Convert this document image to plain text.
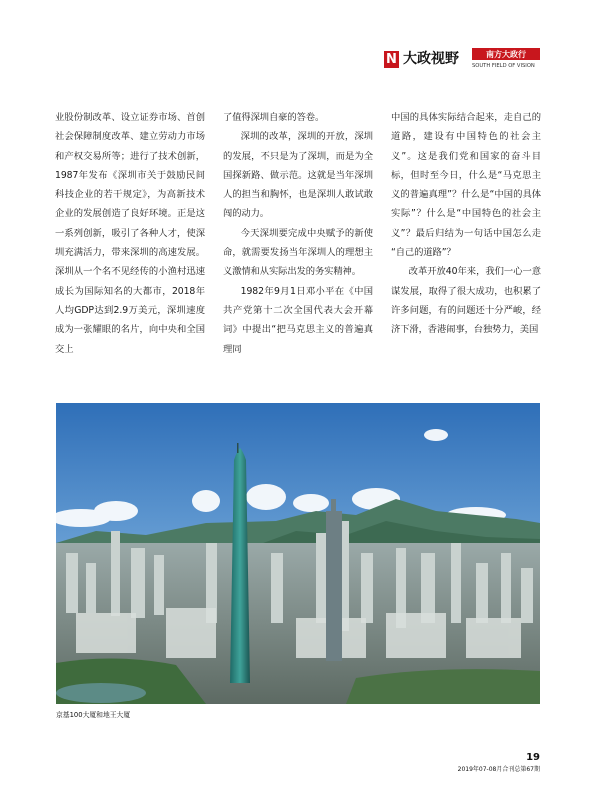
N 大政视野	南方大政行
SOUTH FIELD OF VISION

业股份制改革、设立证券市场、首创社会保障制度改革、建立劳动力市场和产权交易所等；进行了技术创新，1987年发布《深圳市关于鼓励民间科技企业的若干规定》，为高新技术企业的发展创造了良好环境。正是这一系列创新，吸引了各种人才，使深圳充满活力，带来深圳的高速发展。深圳从一个名不见经传的小渔村迅速成长为国际知名的大都市，2018年人均GDP达到2.9万美元，深圳速度成为一张耀眼的名片，向中央和全国交上

了值得深圳自豪的答卷。

深圳的改革，深圳的开放，深圳的发展，不只是为了深圳，而是为全国探新路、做示范。这就是当年深圳人的担当和胸怀，也是深圳人敢试敢闯的动力。

今天深圳要完成中央赋予的新使命，就需要发扬当年深圳人的理想主义激情和从实际出发的务实精神。

1982年9月1日邓小平在《中国共产党第十二次全国代表大会开幕词》中提出“把马克思主义的普遍真理同

中国的具体实际结合起来，走自己的道路，建设有中国特色的社会主义”。这是我们党和国家的奋斗目标，但时至今日，什么是“马克思主义的普遍真理”？什么是“中国的具体实际”？什么是“中国特色的社会主义”？最后归结为一句话中国怎么走 “自己的道路”？

改革开放40年来，我们一心一意谋发展，取得了很大成功，也积累了许多问题，有的问题还十分严峻，经济下滑，香港闹事，台独势力，美国

京基100大厦和地王大厦
19
2019年07-08月合刊总第67期
